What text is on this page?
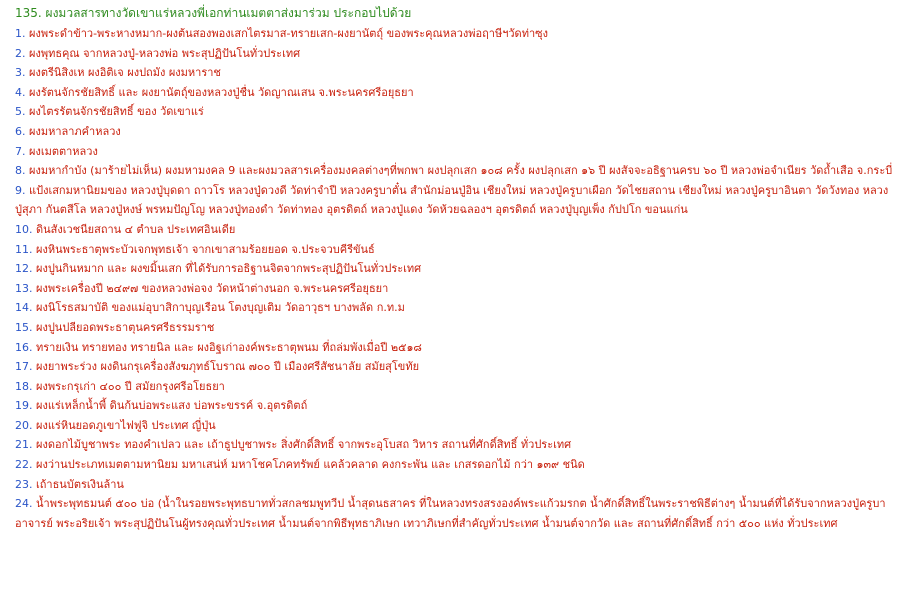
135. ผงมวลสารทางวัดเขาแร่หลวงพี่เอกท่านเมตตาส่งมาร่วม ประกอบไปด้วย
1. ผงพระดำข้าว-พระหางหมาก-ผงต้นสองพองเสกไตรมาส-ทรายเสก-ผงยานัตถุ์ ของพระคุณหลวงพ่อฤาษีฯวัดท่าซุง
2. ผงพุทธคุณ จากหลวงปู่-หลวงพ่อ พระสุปฏิปันโนทั่วประเทศ
3. ผงตรีนิสิงเห ผงอิติเจ ผงปถมัง ผงมหาราช
4. ผงรัตนจักรชัยสิทธิ์ และ ผงยานัตถุ์ของหลวงปู่ชื่น วัดญาณเสน จ.พระนครศรีอยุธยา
5. ผงไตรรัตนจักรชัยสิทธิ์ ของ วัดเขาแร่
6. ผงมหาลาภคำหลวง
7. ผงเมตตาหลวง
8. ผงมหากำบัง (มาร้ายไม่เห็น) ผงมหามงคล 9 และผงมวลสารเครื่องมงคลต่างๆที่พกพา ผงปลุกเสก ๑๐๘ ครั้ง ผงปลุกเสก ๑๖ ปี ผงสัจจะอธิฐานครบ ๖๐ ปี หลวงพ่อจำเนียร วัดถ้ำเสือ จ.กระบี่
9. แป้งเสกมหานิยมของ หลวงปู่บุดดา ถาวโร หลวงปู่ดวงดี วัดท่าจำปี หลวงครูบาตั๋น สำนักม่อนปู่อิน เชียงใหม่ หลวงปู่ครูบาเผือก วัดไชยสถาน เชียงใหม่ หลวงปู่ครูบาอินตา วัดวังทอง หลวงปู่สุภา กันตสีโล หลวงปู่หงษ์ พรหมปัญโญ หลวงปู่ทองดำ วัดท่าทอง อุตรดิตถ์ หลวงปู่แดง วัดห้วยฉลองฯ อุตรดิตถ์ หลวงปู่บุญเพ็ง กัปปโก ขอนแก่น
10. ดินสังเวชนียสถาน ๔ ตำบล ประเทศอินเดีย
11. ผงหินพระธาตุพระบัวเจกพุทธเจ้า จากเขาสามร้อยยอด จ.ประจวบคีรีขันธ์
12. ผงปูนกินหมาก และ ผงขมิ้นเสก ที่ได้รับการอธิฐานจิตจากพระสุปฏิปันโนทั่วประเทศ
13. ผงพระเครื่องปี ๒๔๙๗ ของหลวงพ่อจง วัดหน้าต่างนอก จ.พระนครศรีอยุธยา
14. ผงนิโรธสมาบัติ ของแม่อุบาสิกาบุญเรือน โตงบุญเติม วัดอาวุธฯ บางพลัด ก.ท.ม
15. ผงปูนปลียอดพระธาตุนครศรีธรรมราช
16. ทรายเงิน ทรายทอง ทรายนิล และ ผงอิฐเก่าองค์พระธาตุพนม ที่ถล่มพังเมื่อปี ๒๕๑๘
17. ผงยาพระร่วง ผงดินกรุเครื่องสังฆภุทธ์โบราณ ๗๐๐ ปี เมืองศรีสัชนาลัย สมัยสุโขทัย
18. ผงพระกรุเก่า ๔๐๐ ปี สมัยกรุงศรีอโยธยา
19. ผงแร่เหล็กน้ำพี้ ดินก้นบ่อพระแสง บ่อพระขรรค์ จ.อุตรดิตถ์
20. ผงแร่หินยอดภูเขาไฟฟูจิ ประเทศ ญี่ปุ่น
21. ผงดอกไม้บูชาพระ ทองคำเปลว และ เถ้าธูปบูชาพระ สิ่งศักดิ์สิทธิ์ จากพระอุโบสถ วิหาร สถานที่ศักดิ์สิทธิ์ ทั่วประเทศ
22. ผงว่านประเภทเมตตามหานิยม มหาเสน่ห์ มหาโชคโภคทรัพย์ แคล้วคลาด คงกระพัน และ เกสรดอกไม้ กว่า ๑๓๙ ชนิด
23. เถ้าธนบัตรเงินล้าน
24. น้ำพระพุทธมนต์ ๕๐๐ บ่อ (น้ำในรอยพระพุทธบาททั่วสกลชมพูทวีป น้ำสุดนธสาคร ที่ในหลวงทรงสรงองค์พระแก้วมรกต น้ำศักดิ์สิทธิ์ในพระราชพิธีต่างๆ น้ำมนต์ที่ได้รับจากหลวงปู่ครูบาอาจารย์ พระอริยเจ้า พระสุปฏิปันโนผู้ทรงคุณทั่วประเทศ น้ำมนต์จากพิธีพุทธาภิเษก เทวาภิเษกที่สำคัญทั่วประเทศ น้ำมนต์จากวัด และ สถานที่ศักดิ์สิทธิ์ กว่า ๕๐๐ แห่ง ทั่วประเทศ
